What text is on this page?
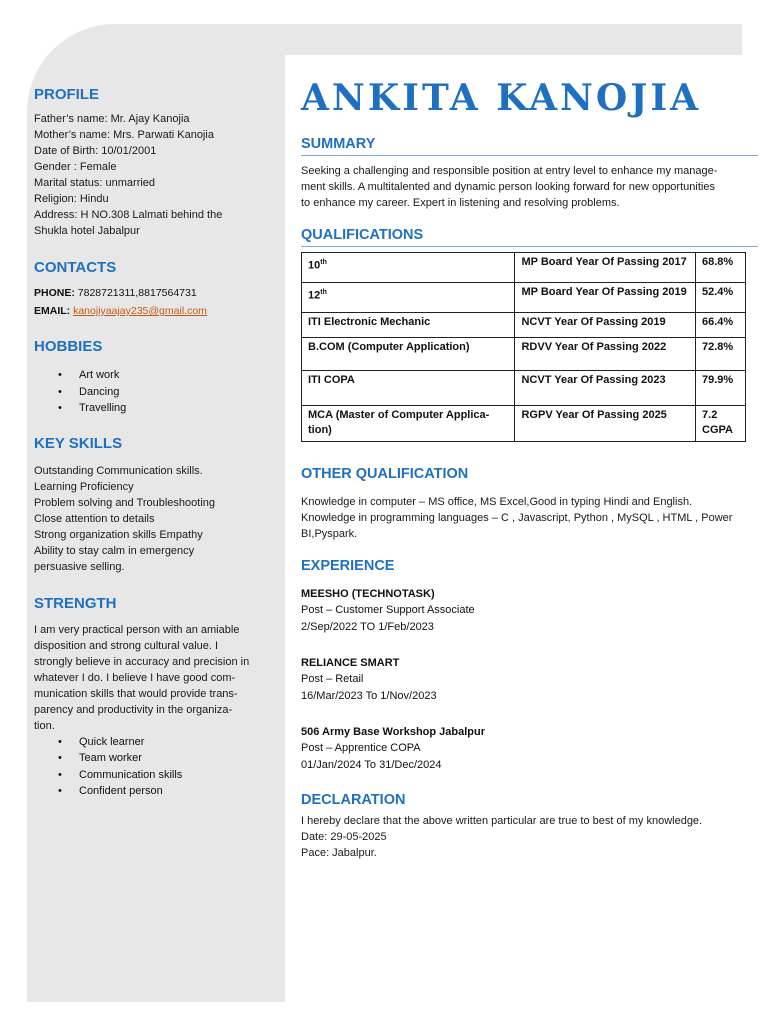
PROFILE
Father’s name: Mr. Ajay Kanojia
Mother’s name: Mrs. Parwati Kanojia
Date of Birth: 10/01/2001
Gender : Female
Marital status: unmarried
Religion: Hindu
Address: H NO.308 Lalmati behind the
Shukla hotel Jabalpur
CONTACTS
PHONE: 7828721311,8817564731
EMAIL: kanojiyaajay235@gmail.com
HOBBIES
• Art work
• Dancing
• Travelling
KEY SKILLS
Outstanding Communication skills.
Learning Proficiency
Problem solving and Troubleshooting
Close attention to details
Strong organization skills Empathy
Ability to stay calm in emergency
persuasive selling.
STRENGTH
I am very practical person with an amiable
disposition and strong cultural value. I
strongly believe in accuracy and precision in
whatever I do. I believe I have good com-
munication skills that would provide trans-
parency and productivity in the organiza-
tion.
• Quick learner
• Team worker
• Communication skills
• Confident person
ANKITA KANOJIA
SUMMARY
Seeking a challenging and responsible position at entry level to enhance my manage-
ment skills. A multitalented and dynamic person looking forward for new opportunities
to enhance my career. Expert in listening and resolving problems.
QUALIFICATIONS
10th	MP Board Year Of Passing 2017	68.8%
12th	MP Board Year Of Passing 2019	52.4%
ITI Electronic Mechanic	NCVT Year Of Passing 2019	66.4%
B.COM (Computer Application)	RDVV Year Of Passing 2022	72.8%
ITI COPA	NCVT Year Of Passing 2023	79.9%
MCA (Master of Computer Applica-tion)	RGPV Year Of Passing 2025	7.2 CGPA
OTHER QUALIFICATION
Knowledge in computer – MS office, MS Excel,Good in typing Hindi and English.
Knowledge in programming languages – C , Javascript, Python , MySQL , HTML , Power
BI,Pyspark.
EXPERIENCE
MEESHO (TECHNOTASK)
Post – Customer Support Associate
2/Sep/2022 TO 1/Feb/2023
RELIANCE SMART
Post – Retail
16/Mar/2023 To 1/Nov/2023
506 Army Base Workshop Jabalpur
Post – Apprentice COPA
01/Jan/2024 To 31/Dec/2024
DECLARATION
I hereby declare that the above written particular are true to best of my knowledge.
Date: 29-05-2025
Pace: Jabalpur.
